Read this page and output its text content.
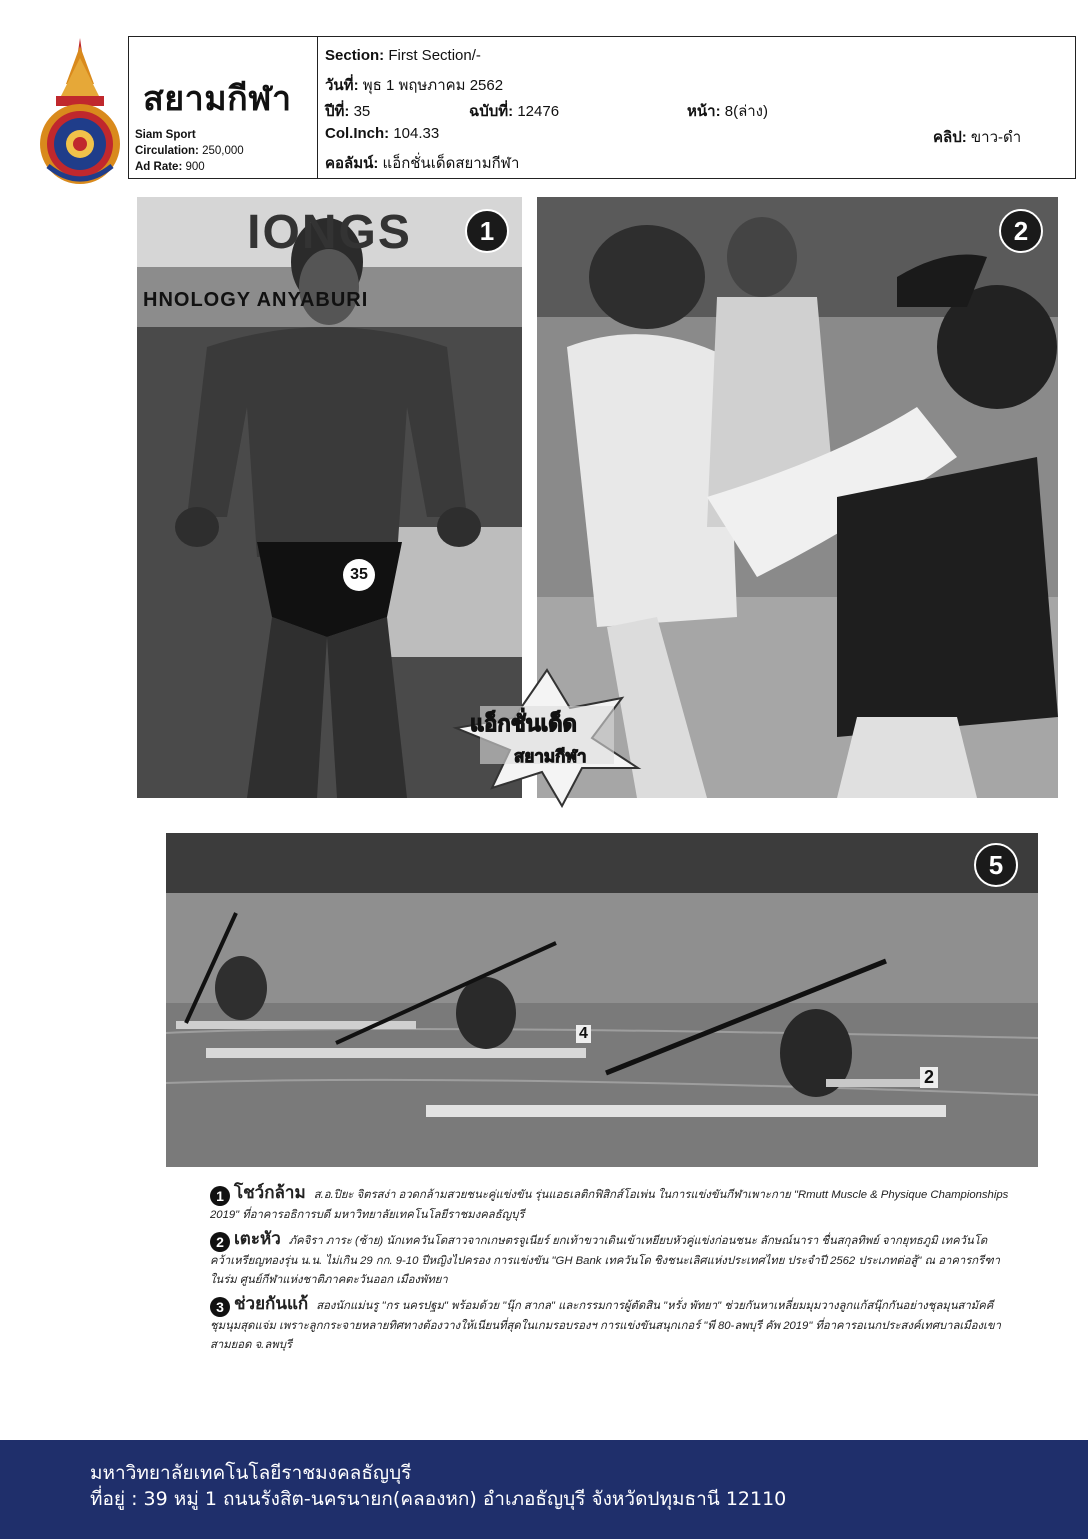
สยามกีฬา
Siam Sport
Circulation: 250,000
Ad Rate: 900
Section: First Section/-
วันที่: พุธ 1 พฤษภาคม 2562
ปีที่: 35	ฉบับที่: 12476	หน้า: 8(ล่าง)
Col.Inch: 104.33	คลิป: ขาว-ดำ
คอลัมน์: แอ็กชั่นเด็ดสยามกีฬา
IONGS
HNOLOGY ANYABURI
35
1	2
แอ็กชั่นเด็ด
สยามกีฬา
4
2
5
1 โชว์กล้าม ส.อ.ปิยะ จิตรสง่า อวดกล้ามสวยชนะคู่แข่งขัน รุ่นแอธเลติกฟิสิกส์โอเพ่น ในการแข่งขันกีฬาเพาะกาย "Rmutt Muscle & Physique Championships 2019" ที่อาคารอธิการบดี มหาวิทยาลัยเทคโนโลยีราชมงคลธัญบุรี
2 เตะหัว ภัคจิรา ภาระ (ซ้าย) นักเทควันโดสาวจากเกษตรจูเนียร์ ยกเท้าขวาเดินเข้าเหยียบหัวคู่แข่งก่อนชนะ ลักษณ์นารา ชื่นสกุลทิพย์ จากยุทธภูมิ เทควันโด คว้าเหรียญทองรุ่น น.น. ไม่เกิน 29 กก. 9-10 ปีหญิงไปครอง การแข่งขัน "GH Bank เทควันโด ชิงชนะเลิศแห่งประเทศไทย ประจำปี 2562 ประเภทต่อสู้" ณ อาคารกรีฑาในร่ม ศูนย์กีฬาแห่งชาติภาคตะวันออก เมืองพัทยา
3 ช่วยกันแก้ สองนักแม่นรู "กร นครปฐม" พร้อมด้วย "นุ๊ก สากล" และกรรมการผู้ตัดสิน "หรั่ง พัทยา" ช่วยกันหาเหลี่ยมมุมวางลูกแก้สนุ๊กกันอย่างชุลมุนสามัคคีชุมนุมสุดแจ่ม เพราะลูกกระจายหลายทิศทางต้องวางให้เนียนที่สุดในเกมรอบรองฯ การแข่งขันสนุกเกอร์ "พี 80-ลพบุรี คัพ 2019" ที่อาคารอเนกประสงค์เทศบาลเมืองเขาสามยอด จ.ลพบุรี
มหาวิทยาลัยเทคโนโลยีราชมงคลธัญบุรี
ที่อยู่ : 39 หมู่ 1 ถนนรังสิต-นครนายก(คลองหก) อำเภอธัญบุรี จังหวัดปทุมธานี 12110
